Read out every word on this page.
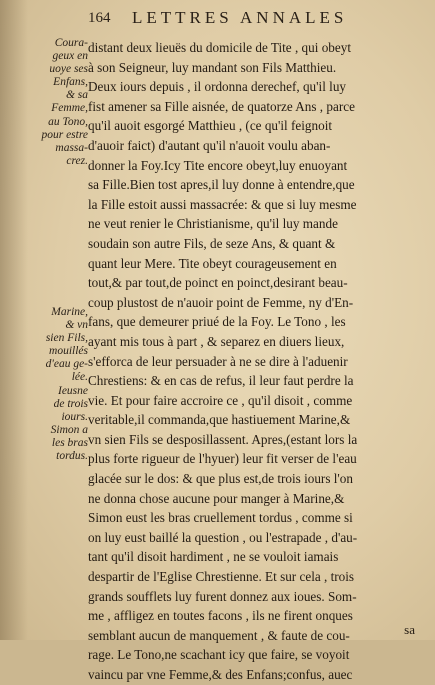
164 LETTRES ANNALES
Coura-
geux en
uoye ses
Enfans,
& sa
Femme,
au Tono,
pour estre
massa-
crez.
Marine,
& vn
sien Fils,
mouillés
d'eau ge-
lée.
Ieusne
de trois
iours.
Simon a
les bras
tordus.
distant deux lieuës du domicile de Tite , qui obeyt
à son Seigneur, luy mandant son Fils Matthieu.
Deux iours depuis , il ordonna derechef, qu'il luy
fist amener sa Fille aisnée, de quatorze Ans , parce
qu'il auoit esgorgé Matthieu , (ce qu'il feignoit
d'auoir faict) d'autant qu'il n'auoit voulu aban-
donner la Foy.Icy Tite encore obeyt,luy enuoyant
sa Fille.Bien tost apres,il luy donne à entendre,que
la Fille estoit aussi massacrée: & que si luy mesme
ne veut renier le Christianisme, qu'il luy mande
soudain son autre Fils, de seze Ans, & quant &
quant leur Mere. Tite obeyt courageusement en
tout,& par tout,de poinct en poinct,desirant beau-
coup plustost de n'auoir point de Femme, ny d'En-
fans, que demeurer priué de la Foy. Le Tono , les
ayant mis tous à part , & separez en diuers lieux,
s'efforca de leur persuader à ne se dire à l'aduenir
Chrestiens: & en cas de refus, il leur faut perdre la
vie. Et pour faire accroire ce , qu'il disoit , comme
veritable,il commanda,que hastiuement Marine,&
vn sien Fils se desposillassent. Apres,(estant lors la
plus forte rigueur de l'hyuer) leur fit verser de l'eau
glacée sur le dos: & que plus est,de trois iours l'on
ne donna chose aucune pour manger à Marine,&
Simon eust les bras cruellement tordus , comme si
on luy eust baillé la question , ou l'estrapade , d'au-
tant qu'il disoit hardiment , ne se vouloit iamais
despartir de l'Eglise Chrestienne. Et sur cela , trois
grands soufflets luy furent donnez aux ioues. Som-
me , affligez en toutes facons , ils ne firent onques
semblant aucun de manquement , & faute de cou-
rage. Le Tono,ne scachant icy que faire, se voyoit
vaincu par vne Femme,& des Enfans;confus, auec
sa
